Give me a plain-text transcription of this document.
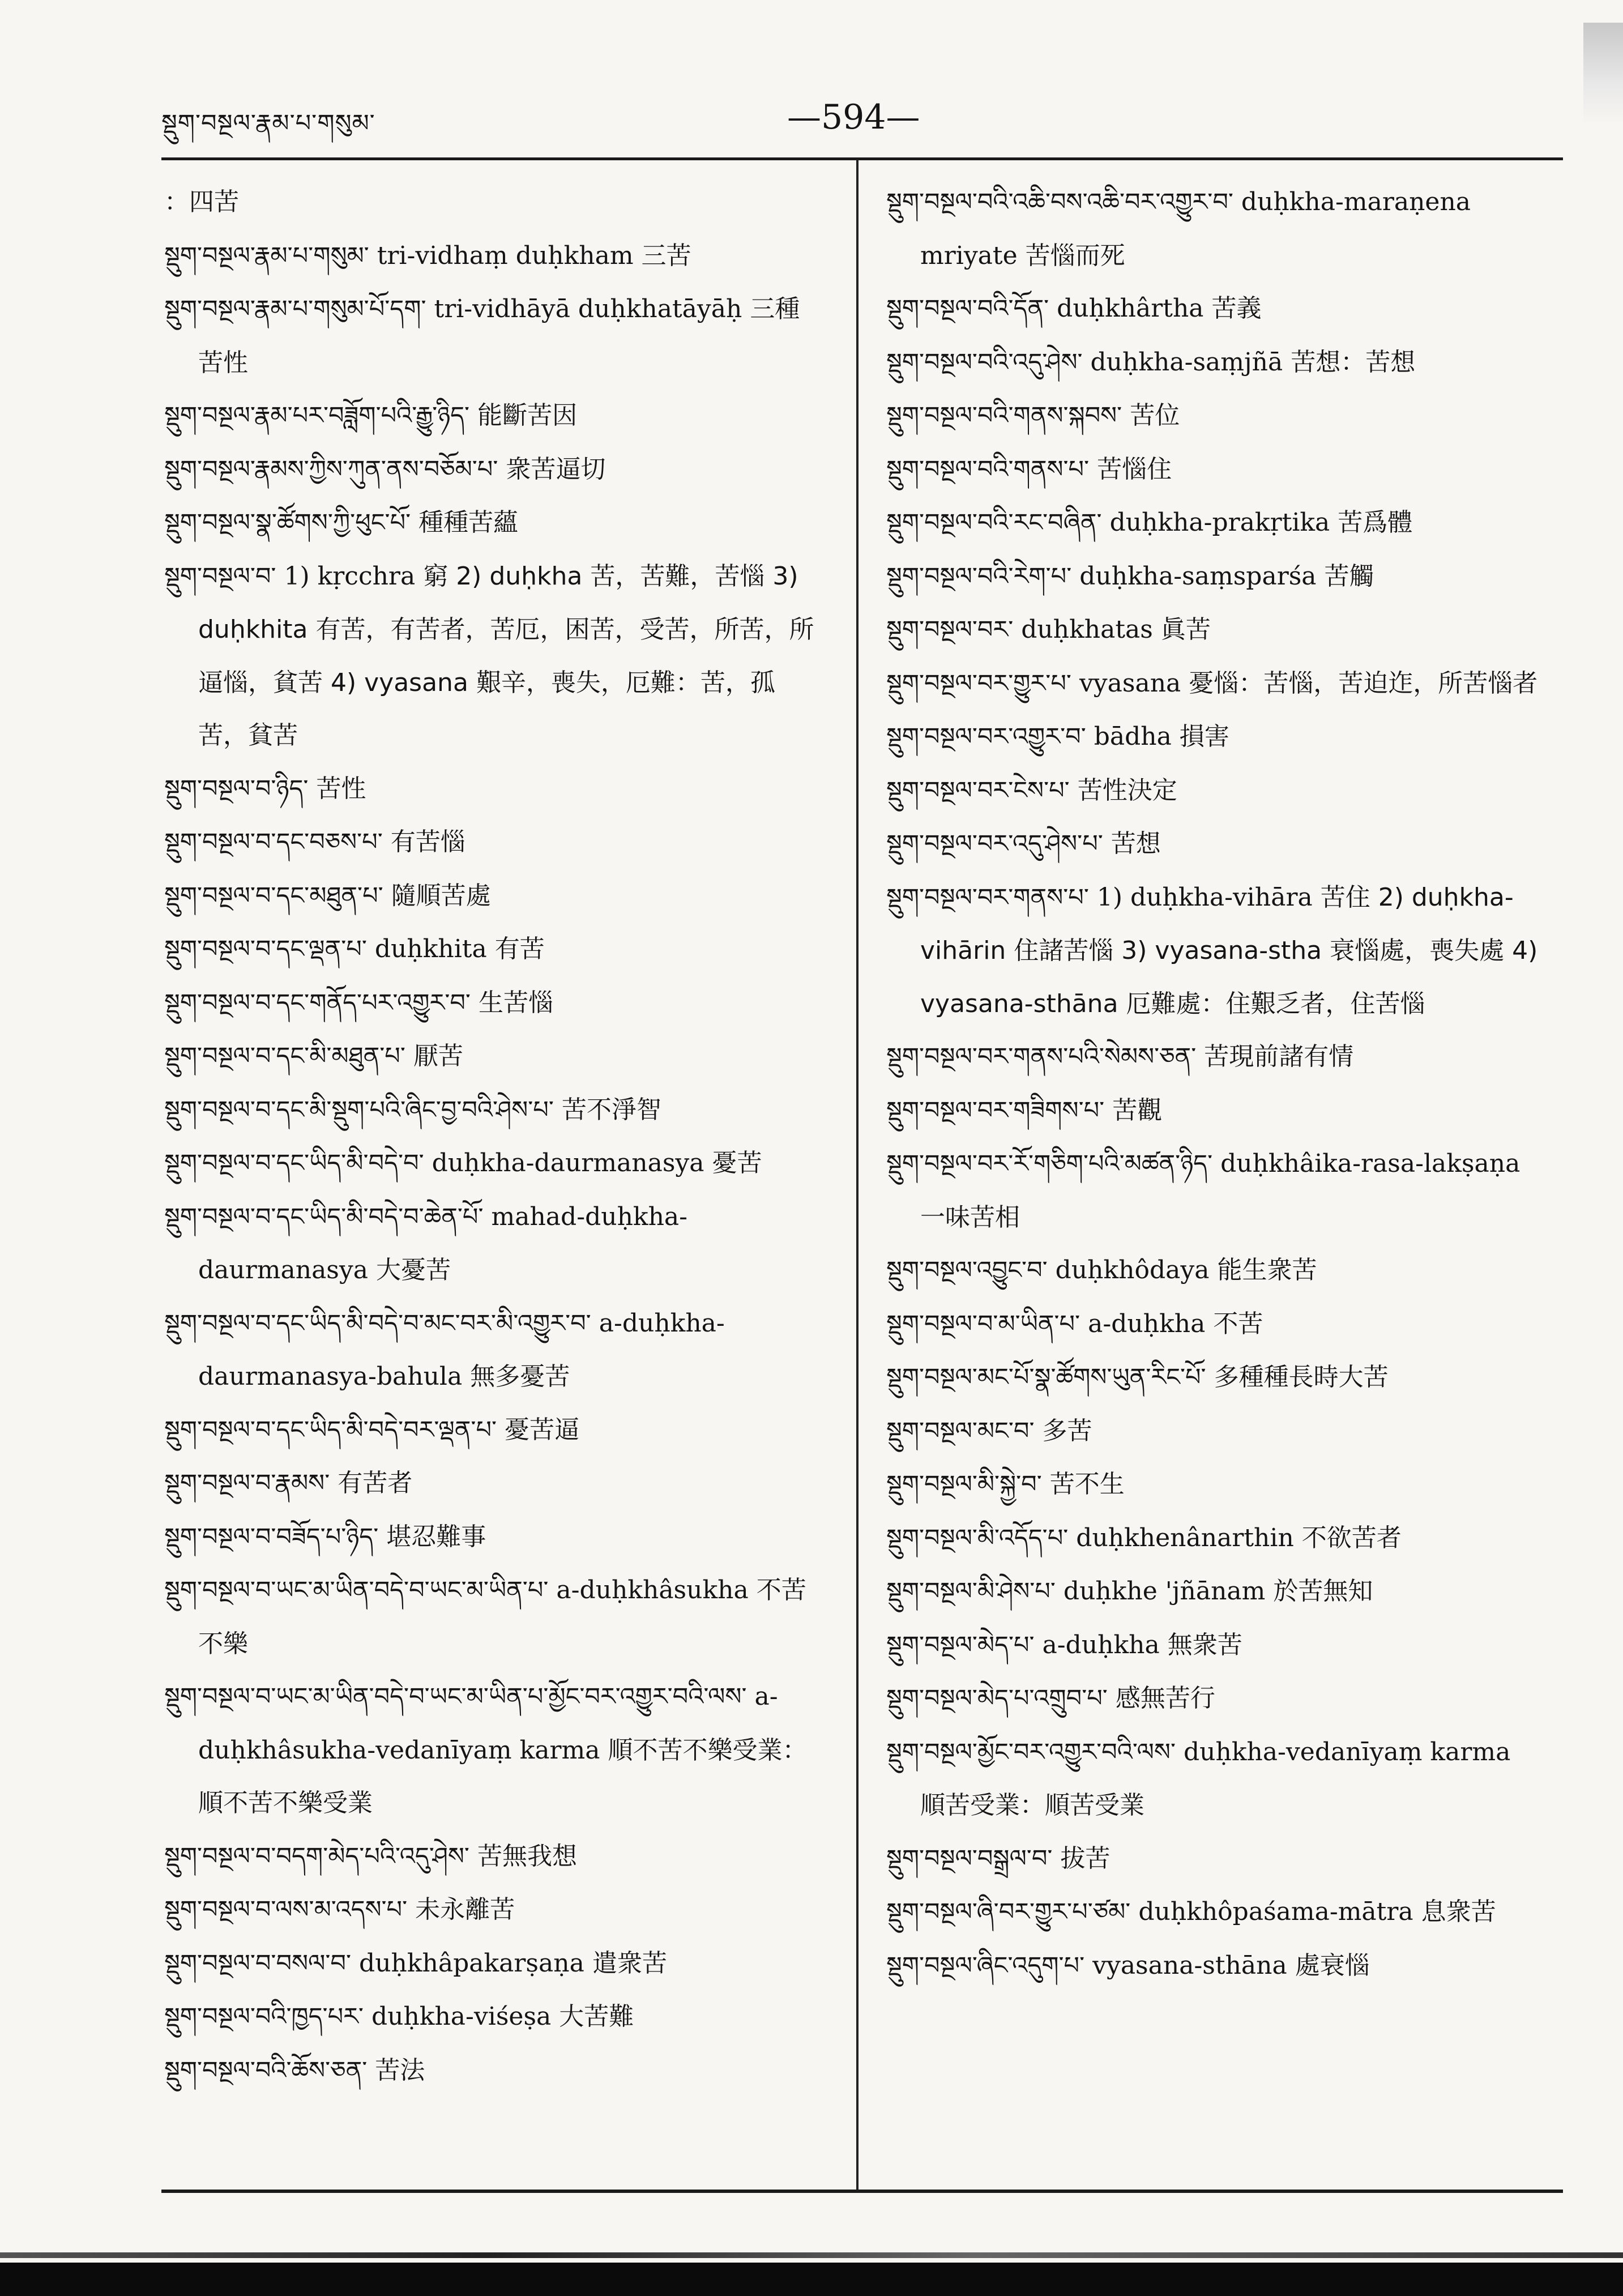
སྡུག་བསྔལ་རྣམ་པ་གསུམ་	—594—

：四苦

སྡུག་བསྔལ་རྣམ་པ་གསུམ་ tri-vidhaṃ duḥkham 三苦

སྡུག་བསྔལ་རྣམ་པ་གསུམ་པོ་དག་ tri-vidhāyā duḥkhatāyāḥ 三種苦性

སྡུག་བསྔལ་རྣམ་པར་བཟློག་པའི་རྒྱུ་ཉིད་ 能斷苦因

སྡུག་བསྔལ་རྣམས་ཀྱིས་ཀུན་ནས་བཅོམ་པ་ 衆苦逼切

སྡུག་བསྔལ་སྣ་ཚོགས་ཀྱི་ཕུང་པོ་ 種種苦蘊

སྡུག་བསྔལ་བ་ 1) kṛcchra 窮 2) duḥkha 苦，苦難，苦惱 3) duḥkhita 有苦，有苦者，苦厄，困苦，受苦，所苦，所逼惱，貧苦 4) vyasana 艱辛，喪失，厄難：苦，孤苦，貧苦

སྡུག་བསྔལ་བ་ཉིད་ 苦性

སྡུག་བསྔལ་བ་དང་བཅས་པ་ 有苦惱

སྡུག་བསྔལ་བ་དང་མཐུན་པ་ 隨順苦處

སྡུག་བསྔལ་བ་དང་ལྡན་པ་ duḥkhita 有苦

སྡུག་བསྔལ་བ་དང་གནོད་པར་འགྱུར་བ་ 生苦惱

སྡུག་བསྔལ་བ་དང་མི་མཐུན་པ་ 厭苦

སྡུག་བསྔལ་བ་དང་མི་སྡུག་པའི་ཞིང་བྱ་བའི་ཤེས་པ་ 苦不淨智

སྡུག་བསྔལ་བ་དང་ཡིད་མི་བདེ་བ་ duḥkha-daurmanasya 憂苦

སྡུག་བསྔལ་བ་དང་ཡིད་མི་བདེ་བ་ཆེན་པོ་ mahad-duḥkha-daurmanasya 大憂苦

སྡུག་བསྔལ་བ་དང་ཡིད་མི་བདེ་བ་མང་བར་མི་འགྱུར་བ་ a-duḥkha-daurmanasya-bahula 無多憂苦

སྡུག་བསྔལ་བ་དང་ཡིད་མི་བདེ་བར་ལྡན་པ་ 憂苦逼

སྡུག་བསྔལ་བ་རྣམས་ 有苦者

སྡུག་བསྔལ་བ་བཟོད་པ་ཉིད་ 堪忍難事

སྡུག་བསྔལ་བ་ཡང་མ་ཡིན་བདེ་བ་ཡང་མ་ཡིན་པ་ a-duḥkhâsukha 不苦不樂

སྡུག་བསྔལ་བ་ཡང་མ་ཡིན་བདེ་བ་ཡང་མ་ཡིན་པ་མྱོང་བར་འགྱུར་བའི་ལས་ a-duḥkhâsukha-vedanīyaṃ karma 順不苦不樂受業：順不苦不樂受業

སྡུག་བསྔལ་བ་བདག་མེད་པའི་འདུ་ཤེས་ 苦無我想

སྡུག་བསྔལ་བ་ལས་མ་འདས་པ་ 未永離苦

སྡུག་བསྔལ་བ་བསལ་བ་ duḥkhâpakarṣaṇa 遣衆苦

སྡུག་བསྔལ་བའི་ཁྱད་པར་ duḥkha-viśeṣa 大苦難

སྡུག་བསྔལ་བའི་ཆོས་ཅན་ 苦法

སྡུག་བསྔལ་བའི་འཆི་བས་འཆི་བར་འགྱུར་བ་ duḥkha-maraṇena mriyate 苦惱而死

སྡུག་བསྔལ་བའི་དོན་ duḥkhârtha 苦義

སྡུག་བསྔལ་བའི་འདུ་ཤེས་ duḥkha-saṃjñā 苦想：苦想

སྡུག་བསྔལ་བའི་གནས་སྐབས་ 苦位

སྡུག་བསྔལ་བའི་གནས་པ་ 苦惱住

སྡུག་བསྔལ་བའི་རང་བཞིན་ duḥkha-prakṛtika 苦爲體

སྡུག་བསྔལ་བའི་རེག་པ་ duḥkha-saṃsparśa 苦觸

སྡུག་བསྔལ་བར་ duḥkhatas 眞苦

སྡུག་བསྔལ་བར་གྱུར་པ་ vyasana 憂惱：苦惱，苦迫迮，所苦惱者

སྡུག་བསྔལ་བར་འགྱུར་བ་ bādha 損害

སྡུག་བསྔལ་བར་ངེས་པ་ 苦性決定

སྡུག་བསྔལ་བར་འདུ་ཤེས་པ་ 苦想

སྡུག་བསྔལ་བར་གནས་པ་ 1) duḥkha-vihāra 苦住 2) duḥkha-vihārin 住諸苦惱 3) vyasana-stha 衰惱處，喪失處 4) vyasana-sthāna 厄難處：住艱乏者，住苦惱

སྡུག་བསྔལ་བར་གནས་པའི་སེམས་ཅན་ 苦現前諸有情

སྡུག་བསྔལ་བར་གཟིགས་པ་ 苦觀

སྡུག་བསྔལ་བར་རོ་གཅིག་པའི་མཚན་ཉིད་ duḥkhâika-rasa-lakṣaṇa 一味苦相

སྡུག་བསྔལ་འབྱུང་བ་ duḥkhôdaya 能生衆苦

སྡུག་བསྔལ་བ་མ་ཡིན་པ་ a-duḥkha 不苦

སྡུག་བསྔལ་མང་པོ་སྣ་ཚོགས་ཡུན་རིང་པོ་ 多種種長時大苦

སྡུག་བསྔལ་མང་བ་ 多苦

སྡུག་བསྔལ་མི་སྐྱེ་བ་ 苦不生

སྡུག་བསྔལ་མི་འདོད་པ་ duḥkhenânarthin 不欲苦者

སྡུག་བསྔལ་མི་ཤེས་པ་ duḥkhe 'jñānam 於苦無知

སྡུག་བསྔལ་མེད་པ་ a-duḥkha 無衆苦

སྡུག་བསྔལ་མེད་པ་འགྲུབ་པ་ 感無苦行

སྡུག་བསྔལ་མྱོང་བར་འགྱུར་བའི་ལས་ duḥkha-vedanīyaṃ karma 順苦受業：順苦受業

སྡུག་བསྔལ་བསྒྲལ་བ་ 拔苦

སྡུག་བསྔལ་ཞི་བར་གྱུར་པ་ཙམ་ duḥkhôpaśama-mātra 息衆苦

སྡུག་བསྔལ་ཞིང་འདུག་པ་ vyasana-sthāna 處衰惱
